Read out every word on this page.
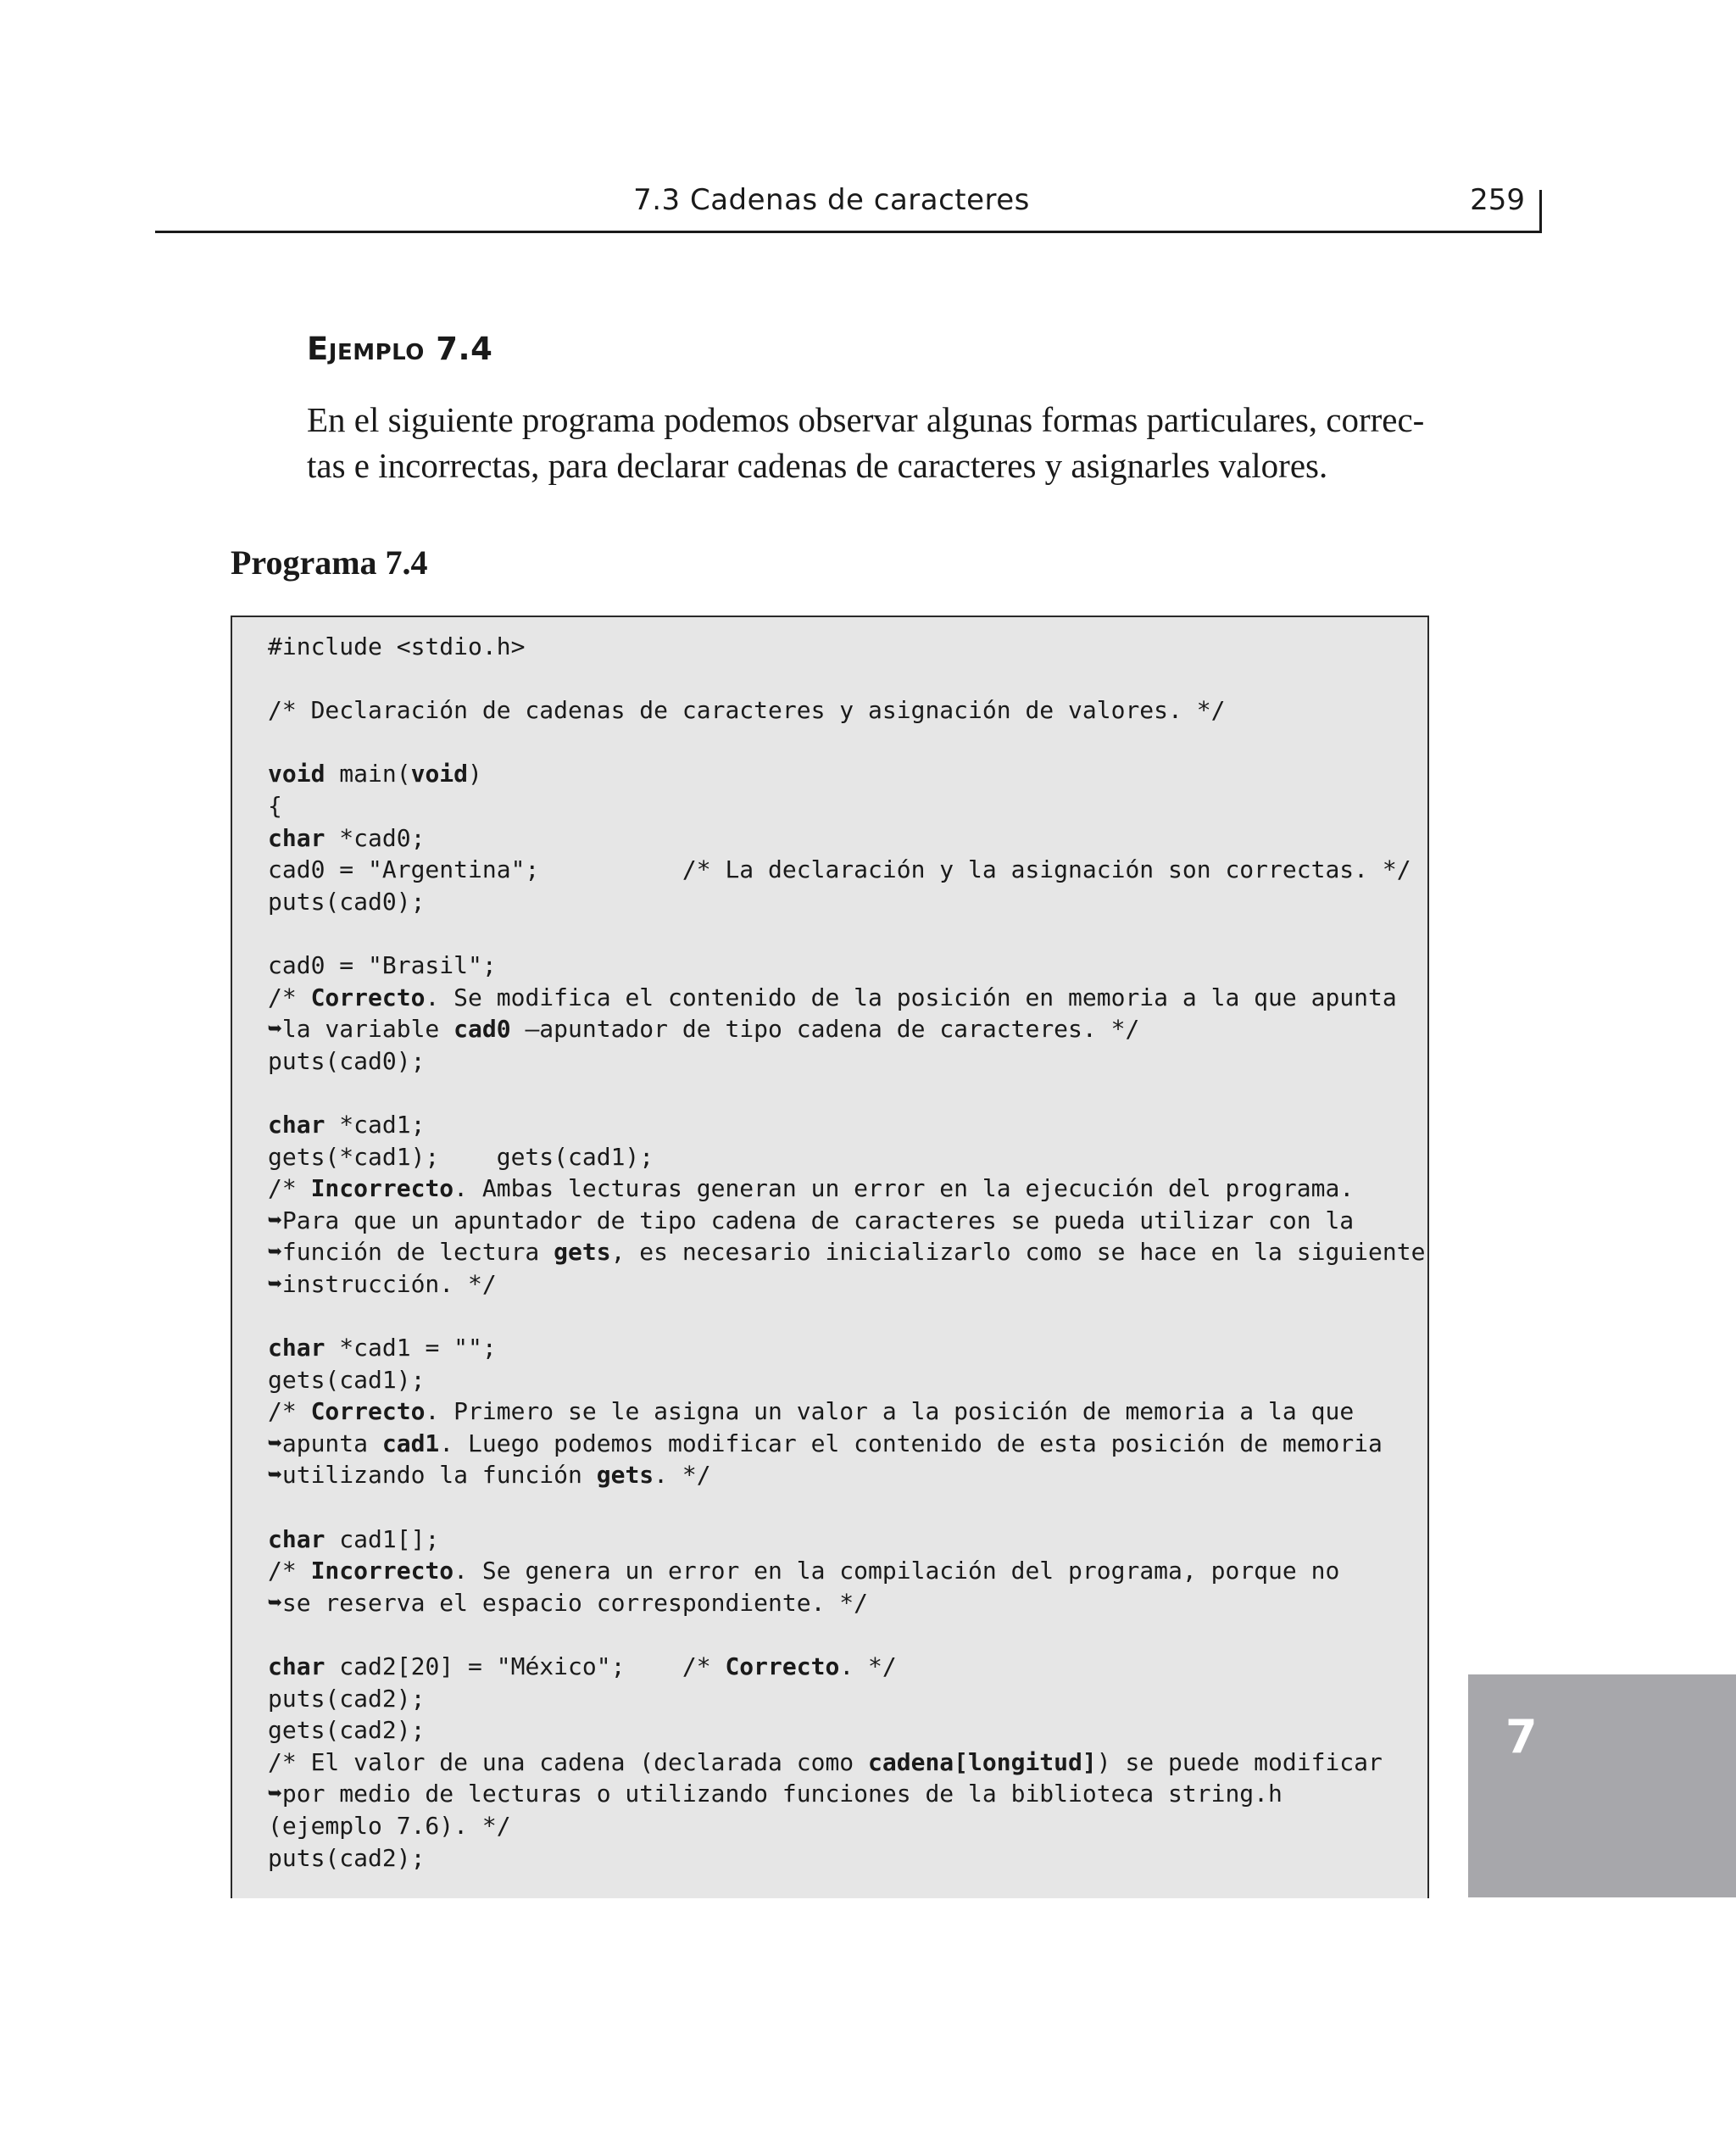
7.3 Cadenas de caracteres	259
Ejemplo 7.4
En el siguiente programa podemos observar algunas formas particulares, correc-
tas e incorrectas, para declarar cadenas de caracteres y asignarles valores.
Programa 7.4
#include <stdio.h>

/* Declaración de cadenas de caracteres y asignación de valores. */

void main(void)
{
char *cad0;
cad0 = "Argentina";          /* La declaración y la asignación son correctas. */
puts(cad0);

cad0 = "Brasil";
/* Correcto. Se modifica el contenido de la posición en memoria a la que apunta
➥la variable cad0 —apuntador de tipo cadena de caracteres. */
puts(cad0);

char *cad1;
gets(*cad1);    gets(cad1);
/* Incorrecto. Ambas lecturas generan un error en la ejecución del programa.
➥Para que un apuntador de tipo cadena de caracteres se pueda utilizar con la
➥función de lectura gets, es necesario inicializarlo como se hace en la siguiente
➥instrucción. */

char *cad1 = "";
gets(cad1);
/* Correcto. Primero se le asigna un valor a la posición de memoria a la que
➥apunta cad1. Luego podemos modificar el contenido de esta posición de memoria
➥utilizando la función gets. */

char cad1[];
/* Incorrecto. Se genera un error en la compilación del programa, porque no
➥se reserva el espacio correspondiente. */

char cad2[20] = "México";    /* Correcto. */
puts(cad2);
gets(cad2);
/* El valor de una cadena (declarada como cadena[longitud]) se puede modificar
➥por medio de lecturas o utilizando funciones de la biblioteca string.h
(ejemplo 7.6). */
puts(cad2);
7
